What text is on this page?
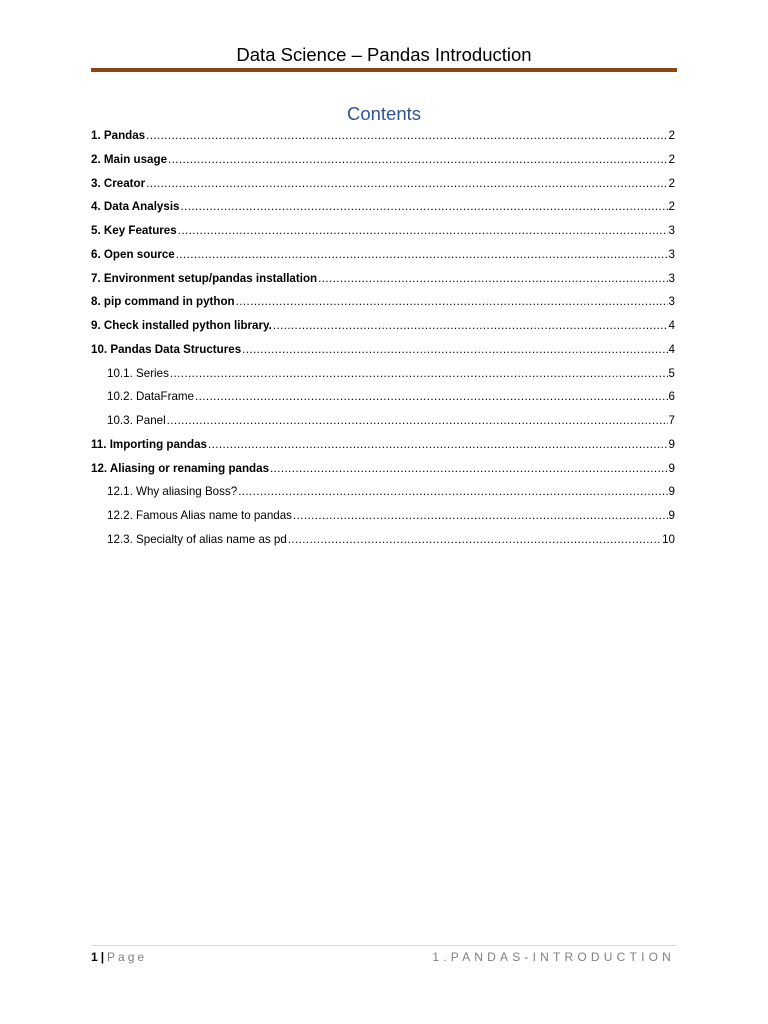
Data Science – Pandas Introduction
Contents
1. Pandas .....	2
2. Main usage .....	2
3. Creator .....	2
4. Data Analysis .....	2
5. Key Features .....	3
6. Open source .....	3
7. Environment setup/pandas installation .....	3
8. pip command in python .....	3
9. Check installed python library. .....	4
10. Pandas Data Structures .....	4
10.1. Series .....	5
10.2. DataFrame .....	6
10.3. Panel .....	7
11. Importing pandas .....	9
12. Aliasing or renaming pandas .....	9
12.1. Why aliasing Boss? .....	9
12.2. Famous Alias name to pandas .....	9
12.3. Specialty of alias name as pd .....	10
1 | Page	1.PANDAS-INTRODUCTION
